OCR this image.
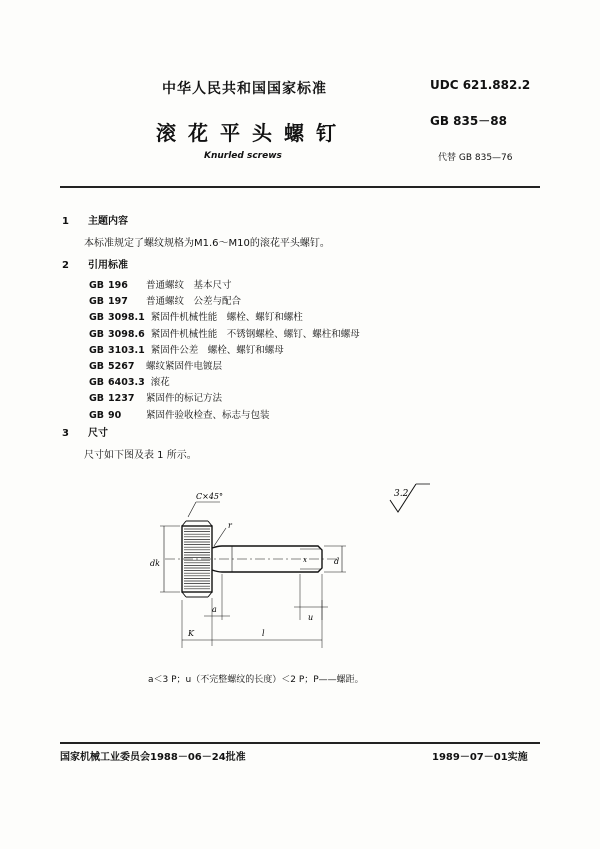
中华人民共和国国家标准	UDC 621.882.2
滚花平头螺钉	GB 835－88
Knurled screws	代替 GB 835—76
1 主题内容
本标准规定了螺纹规格为M1.6～M10的滚花平头螺钉。
2 引用标准
GB 196 普通螺纹　基本尺寸
GB 197 普通螺纹　公差与配合
GB 3098.1 紧固件机械性能　螺栓、螺钉和螺柱
GB 3098.6 紧固件机械性能　不锈钢螺栓、螺钉、螺柱和螺母
GB 3103.1 紧固件公差　螺栓、螺钉和螺母
GB 5267 螺纹紧固件电镀层
GB 6403.3 滚花
GB 1237 紧固件的标记方法
GB 90	紧固件验收检查、标志与包装
3 尺寸
尺寸如下图及表 1 所示。
3.2
C×45°
r
dk	d
x
a
u
K	l
a＜3 P；u（不完整螺纹的长度）＜2 P；P——螺距。
国家机械工业委员会1988－06－24批准	1989－07－01实施
